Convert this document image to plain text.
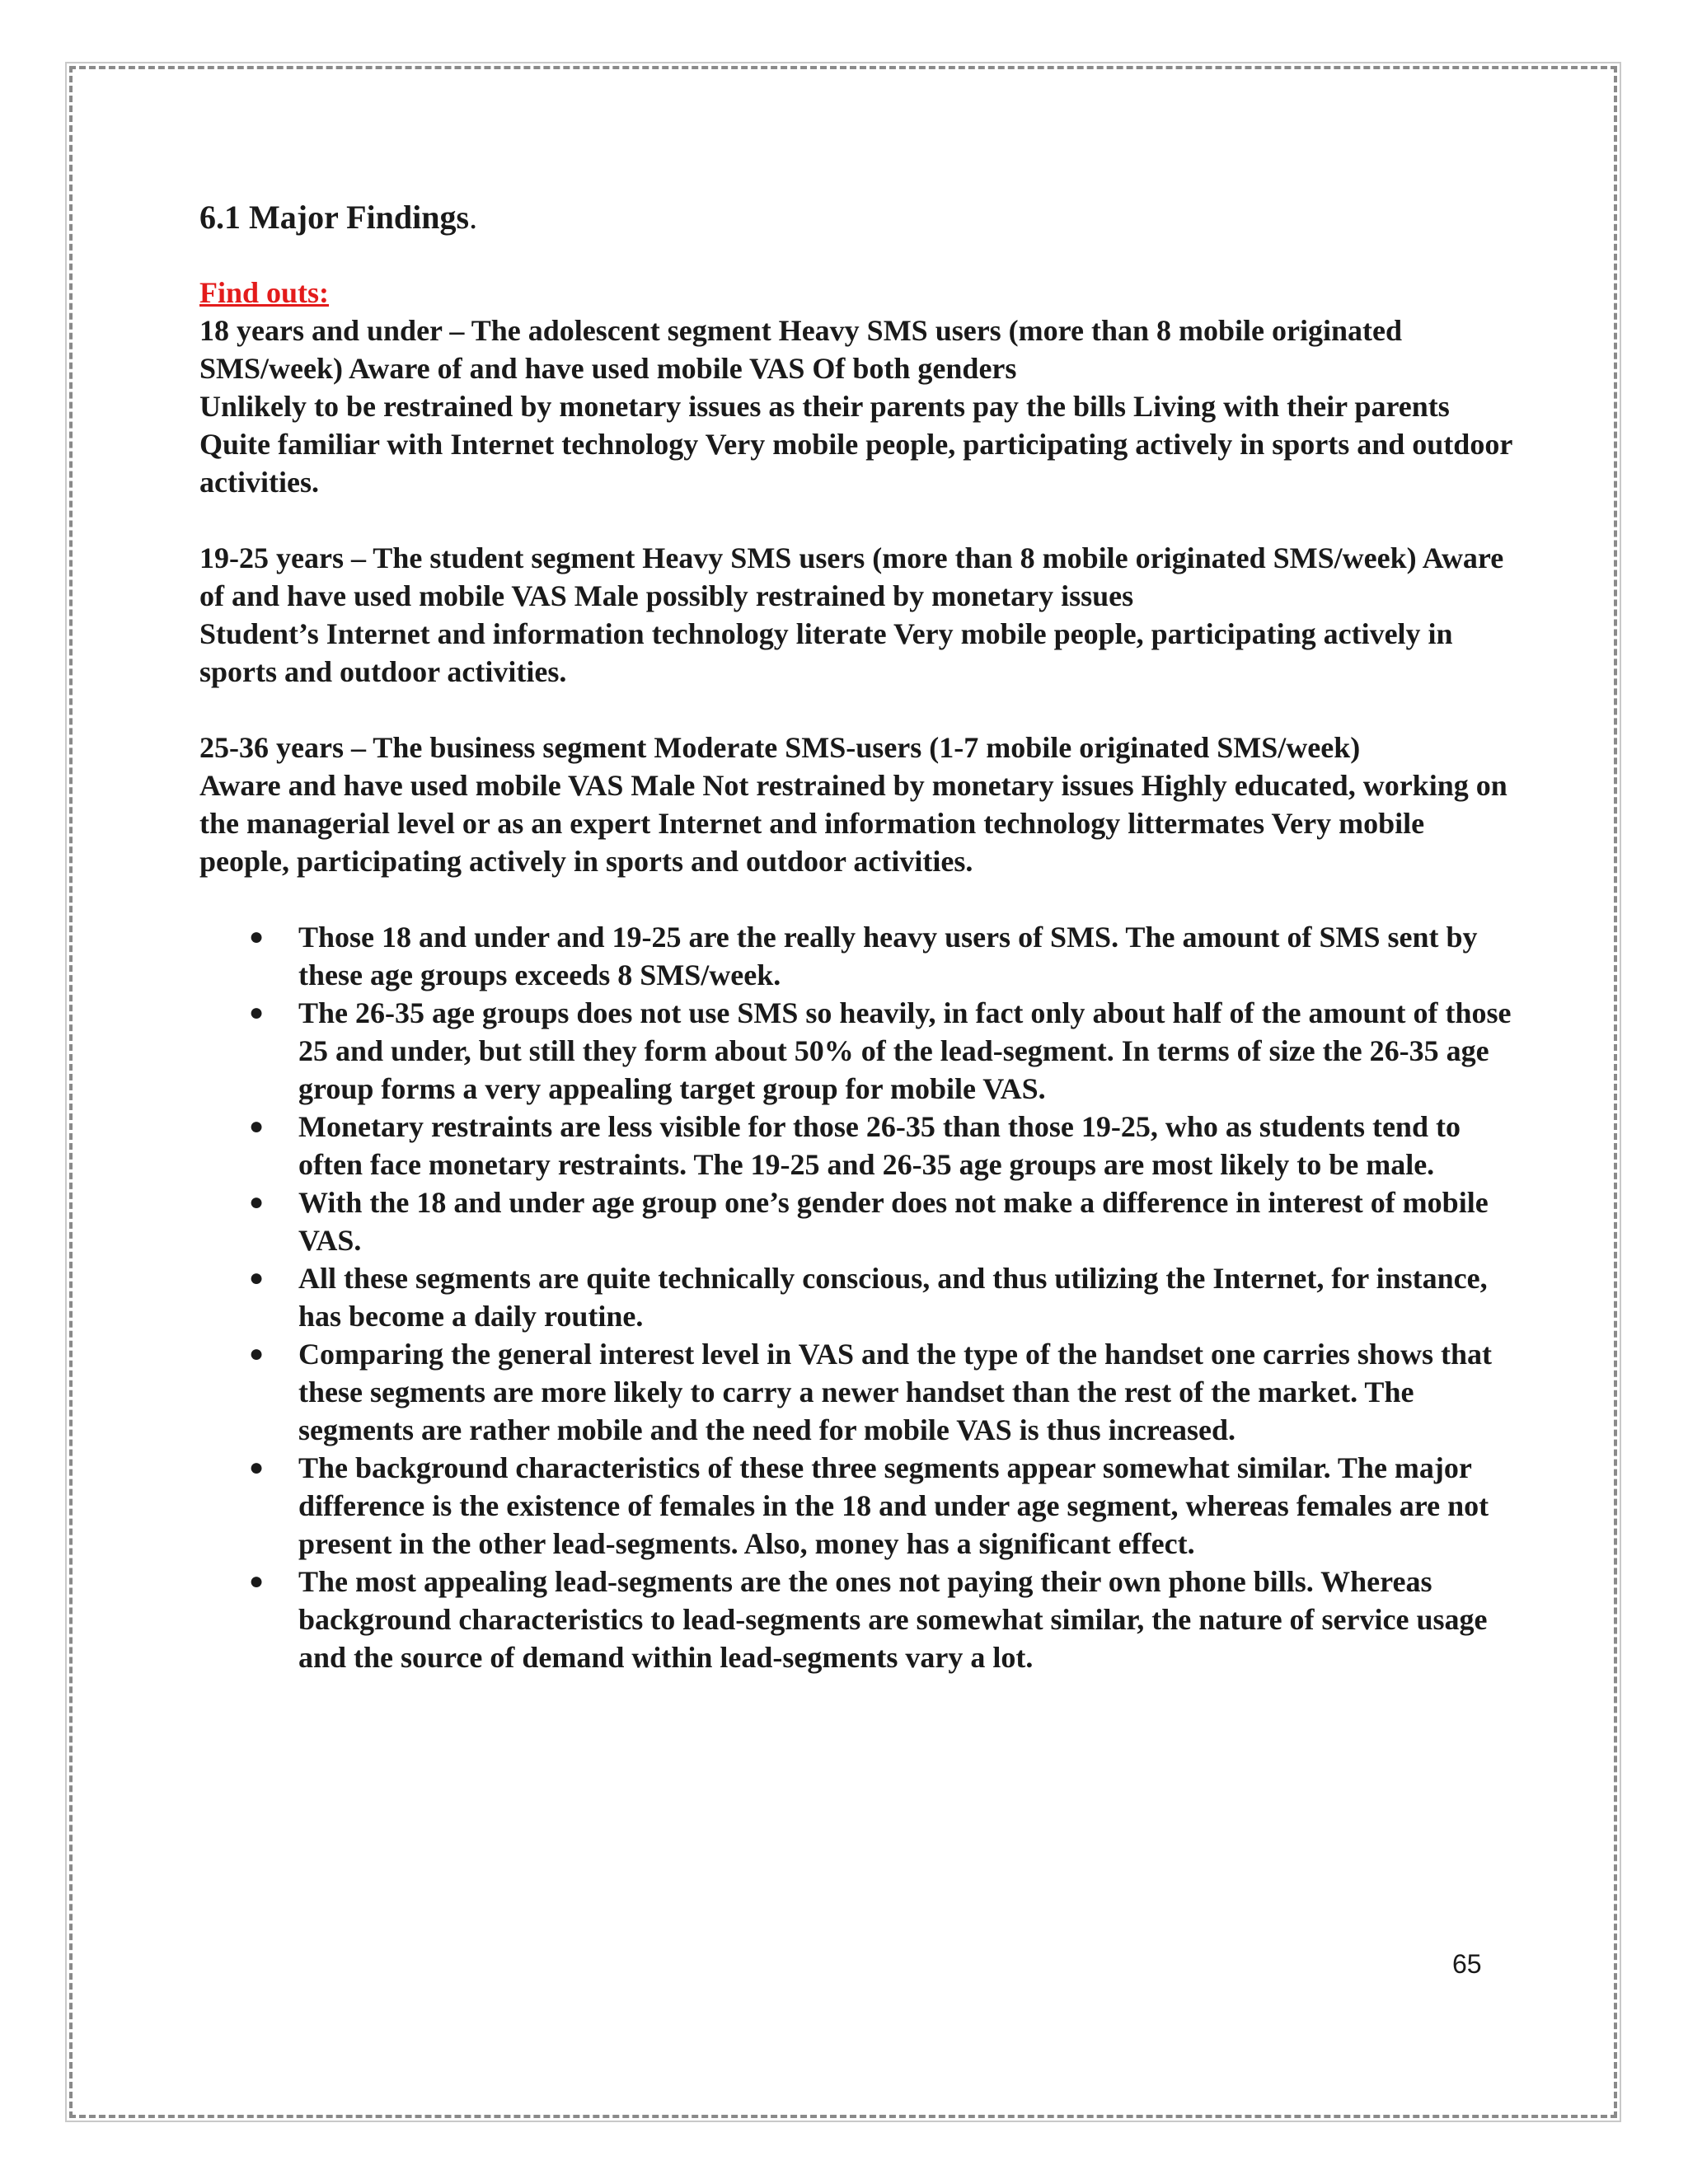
6.1 Major Findings.
Find outs:

18 years and under – The adolescent segment Heavy SMS users (more than 8 mobile originated SMS/week) Aware of and have used mobile VAS Of both genders

Unlikely to be restrained by monetary issues as their parents pay the bills Living with their parents Quite familiar with Internet technology Very mobile people, participating actively in sports and outdoor activities.

19-25 years – The student segment Heavy SMS users (more than 8 mobile originated SMS/week) Aware of and have used mobile VAS Male possibly restrained by monetary issues

Student’s Internet and information technology literate Very mobile people, participating actively in sports and outdoor activities.

25-36 years – The business segment Moderate SMS-users (1-7 mobile originated SMS/week)

Aware and have used mobile VAS Male Not restrained by monetary issues Highly educated, working on the managerial level or as an expert Internet and information technology littermates Very mobile people, participating actively in sports and outdoor activities.

● Those 18 and under and 19-25 are the really heavy users of SMS. The amount of SMS sent by these age groups exceeds 8 SMS/week.
● The 26-35 age groups does not use SMS so heavily, in fact only about half of the amount of those 25 and under, but still they form about 50% of the lead-segment. In terms of size the 26-35 age group forms a very appealing target group for mobile VAS.
● Monetary restraints are less visible for those 26-35 than those 19-25, who as students tend to often face monetary restraints. The 19-25 and 26-35 age groups are most likely to be male.
● With the 18 and under age group one’s gender does not make a difference in interest of mobile VAS.
● All these segments are quite technically conscious, and thus utilizing the Internet, for instance, has become a daily routine.
● Comparing the general interest level in VAS and the type of the handset one carries shows that these segments are more likely to carry a newer handset than the rest of the market. The segments are rather mobile and the need for mobile VAS is thus increased.
● The background characteristics of these three segments appear somewhat similar. The major difference is the existence of females in the 18 and under age segment, whereas females are not present in the other lead-segments. Also, money has a significant effect.
● The most appealing lead-segments are the ones not paying their own phone bills. Whereas background characteristics to lead-segments are somewhat similar, the nature of service usage and the source of demand within lead-segments vary a lot.
65
